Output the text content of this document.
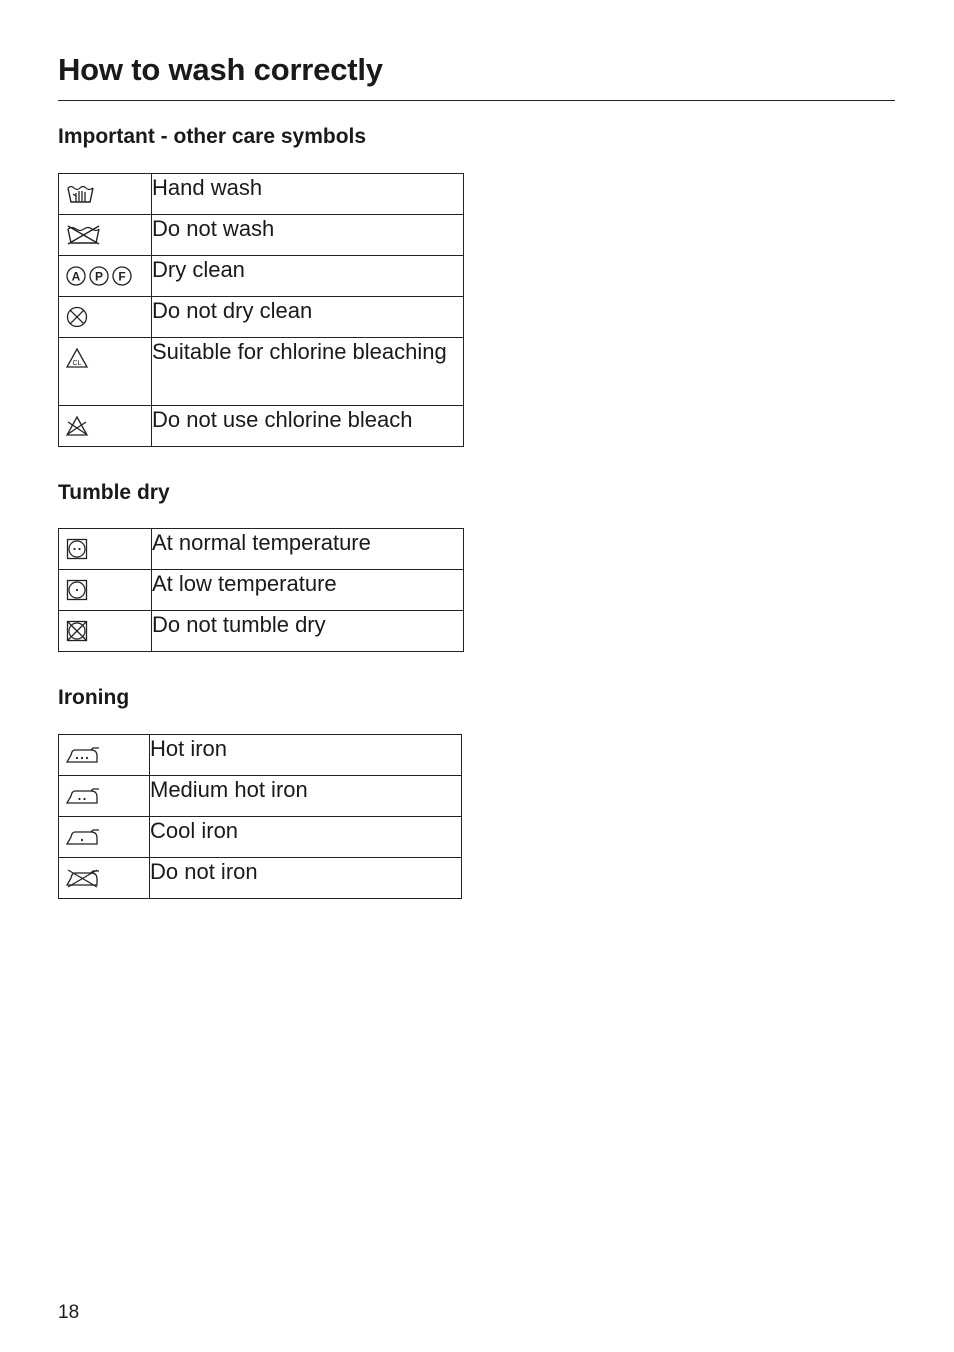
How to wash correctly
Important - other care symbols
	Hand wash

	Do not wash

A P F	Dry clean

	Do not dry clean

CL	Suitable for chlorine bleaching

	Do not use chlorine bleach
Tumble dry
	At normal temperature

	At low temperature

	Do not tumble dry
Ironing
	Hot iron

	Medium hot iron

	Cool iron

	Do not iron
18
